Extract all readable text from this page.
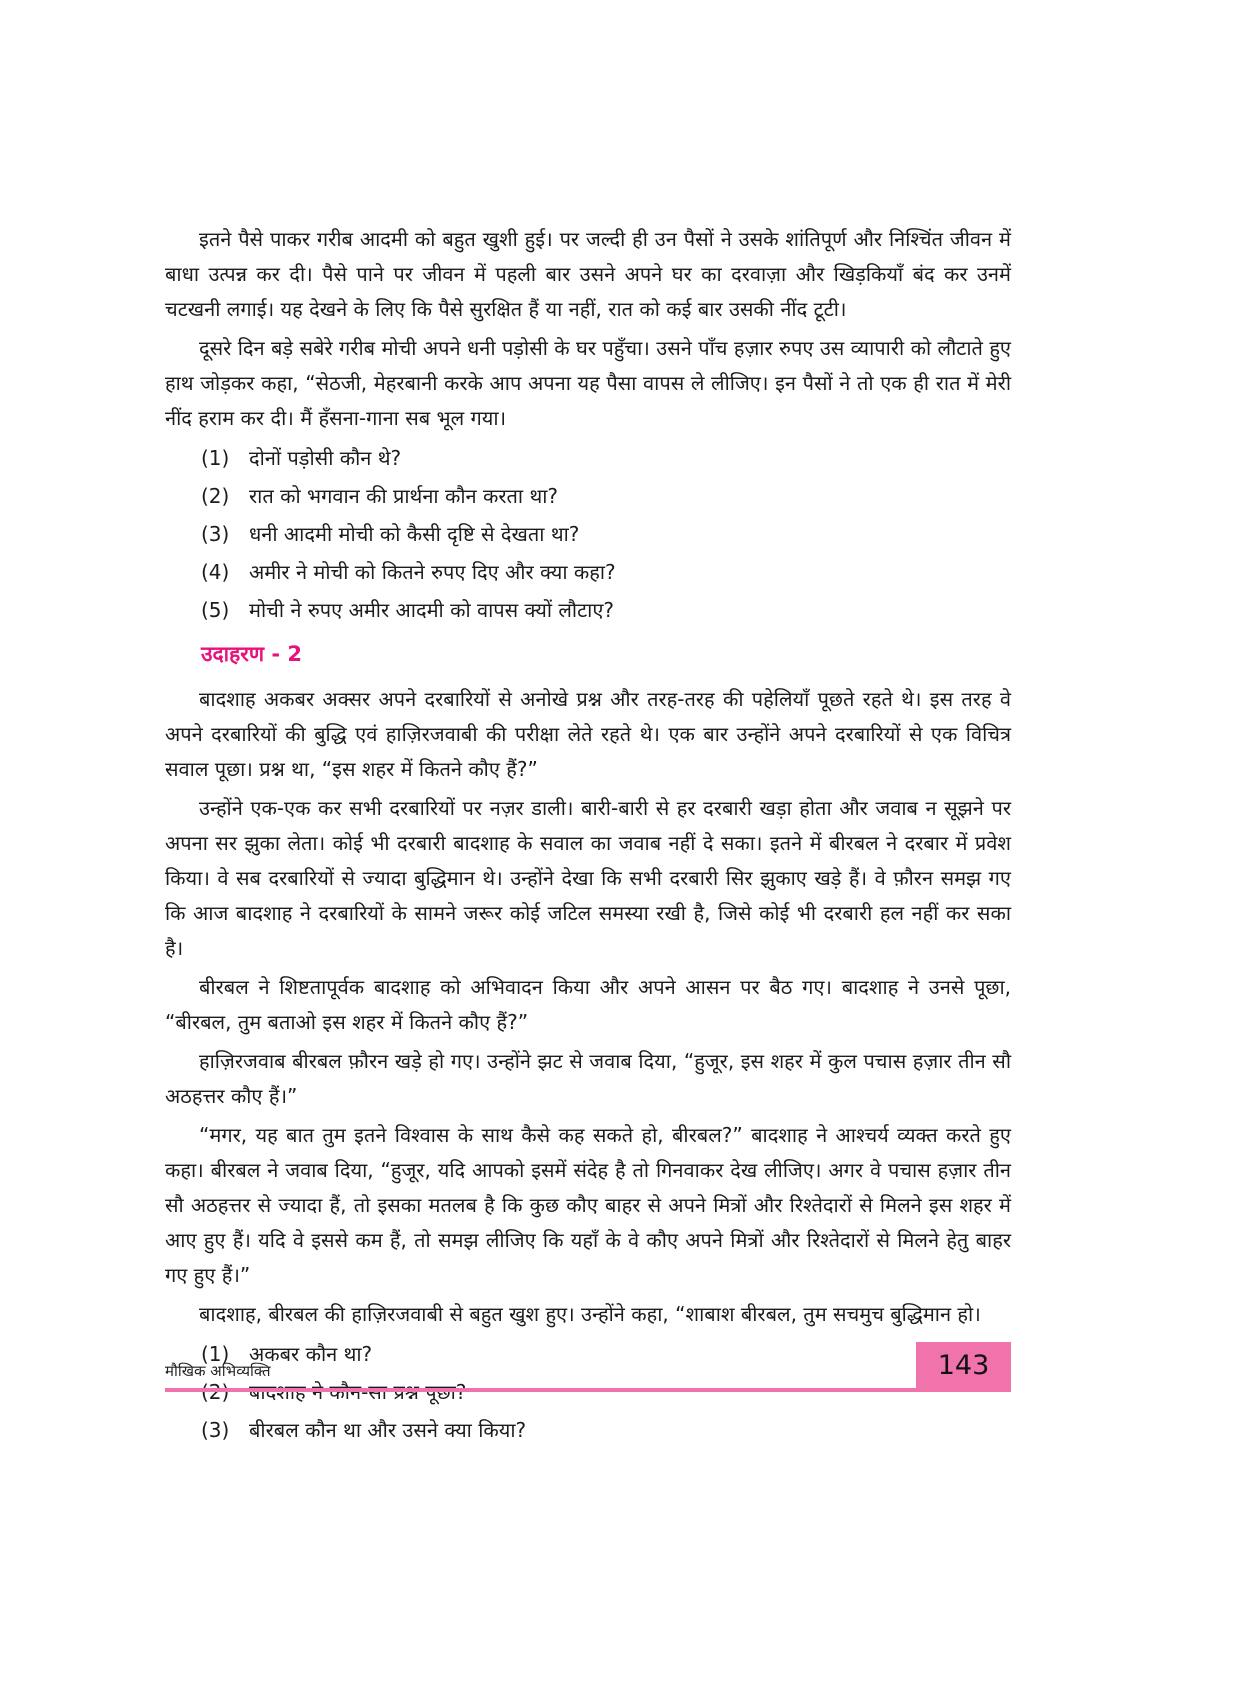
इतने पैसे पाकर गरीब आदमी को बहुत खुशी हुई। पर जल्दी ही उन पैसों ने उसके शांतिपूर्ण और निश्चिंत जीवन में बाधा उत्पन्न कर दी। पैसे पाने पर जीवन में पहली बार उसने अपने घर का दरवाज़ा और खिड़कियाँ बंद कर उनमें चटखनी लगाई। यह देखने के लिए कि पैसे सुरक्षित हैं या नहीं, रात को कई बार उसकी नींद टूटी।

दूसरे दिन बड़े सबेरे गरीब मोची अपने धनी पड़ोसी के घर पहुँचा। उसने पाँच हज़ार रुपए उस व्यापारी को लौटाते हुए हाथ जोड़कर कहा, “सेठजी, मेहरबानी करके आप अपना यह पैसा वापस ले लीजिए। इन पैसों ने तो एक ही रात में मेरी नींद हराम कर दी। मैं हँसना-गाना सब भूल गया।

(1) दोनों पड़ोसी कौन थे?
(2) रात को भगवान की प्रार्थना कौन करता था?
(3) धनी आदमी मोची को कैसी दृष्टि से देखता था?
(4) अमीर ने मोची को कितने रुपए दिए और क्या कहा?
(5) मोची ने रुपए अमीर आदमी को वापस क्यों लौटाए?
उदाहरण - 2

बादशाह अकबर अक्सर अपने दरबारियों से अनोखे प्रश्न और तरह-तरह की पहेलियाँ पूछते रहते थे। इस तरह वे अपने दरबारियों की बुद्धि एवं हाज़िरजवाबी की परीक्षा लेते रहते थे। एक बार उन्होंने अपने दरबारियों से एक विचित्र सवाल पूछा। प्रश्न था, “इस शहर में कितने कौए हैं?”

उन्होंने एक-एक कर सभी दरबारियों पर नज़र डाली। बारी-बारी से हर दरबारी खड़ा होता और जवाब न सूझने पर अपना सर झुका लेता। कोई भी दरबारी बादशाह के सवाल का जवाब नहीं दे सका। इतने में बीरबल ने दरबार में प्रवेश किया। वे सब दरबारियों से ज्यादा बुद्धिमान थे। उन्होंने देखा कि सभी दरबारी सिर झुकाए खड़े हैं। वे फ़ौरन समझ गए कि आज बादशाह ने दरबारियों के सामने जरूर कोई जटिल समस्या रखी है, जिसे कोई भी दरबारी हल नहीं कर सका है।

बीरबल ने शिष्टतापूर्वक बादशाह को अभिवादन किया और अपने आसन पर बैठ गए। बादशाह ने उनसे पूछा, “बीरबल, तुम बताओ इस शहर में कितने कौए हैं?”

हाज़िरजवाब बीरबल फ़ौरन खड़े हो गए। उन्होंने झट से जवाब दिया, “हुजूर, इस शहर में कुल पचास हज़ार तीन सौ अठहत्तर कौए हैं।”

“मगर, यह बात तुम इतने विश्वास के साथ कैसे कह सकते हो, बीरबल?” बादशाह ने आश्चर्य व्यक्त करते हुए कहा। बीरबल ने जवाब दिया, “हुजूर, यदि आपको इसमें संदेह है तो गिनवाकर देख लीजिए। अगर वे पचास हज़ार तीन सौ अठहत्तर से ज्यादा हैं, तो इसका मतलब है कि कुछ कौए बाहर से अपने मित्रों और रिश्तेदारों से मिलने इस शहर में आए हुए हैं। यदि वे इससे कम हैं, तो समझ लीजिए कि यहाँ के वे कौए अपने मित्रों और रिश्तेदारों से मिलने हेतु बाहर गए हुए हैं।”

बादशाह, बीरबल की हाज़िरजवाबी से बहुत खुश हुए। उन्होंने कहा, “शाबाश बीरबल, तुम सचमुच बुद्धिमान हो।

(1) अकबर कौन था?
(2) बादशाह ने कौन-सा प्रश्न पूछा?
(3) बीरबल कौन था और उसने क्या किया?
मौखिक अभिव्यक्ति	143
